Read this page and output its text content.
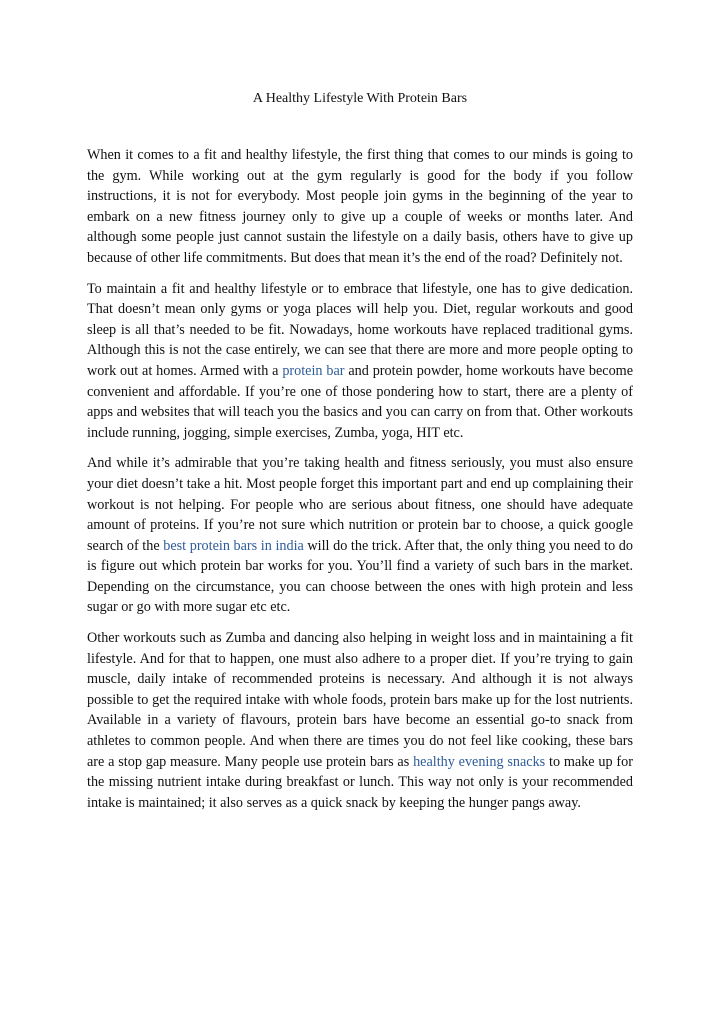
A Healthy Lifestyle With Protein Bars

When it comes to a fit and healthy lifestyle, the first thing that comes to our minds is going to the gym. While working out at the gym regularly is good for the body if you follow instructions, it is not for everybody. Most people join gyms in the beginning of the year to embark on a new fitness journey only to give up a couple of weeks or months later. And although some people just cannot sustain the lifestyle on a daily basis, others have to give up because of other life commitments. But does that mean it’s the end of the road? Definitely not.

To maintain a fit and healthy lifestyle or to embrace that lifestyle, one has to give dedication. That doesn’t mean only gyms or yoga places will help you. Diet, regular workouts and good sleep is all that’s needed to be fit. Nowadays, home workouts have replaced traditional gyms. Although this is not the case entirely, we can see that there are more and more people opting to work out at homes. Armed with a protein bar and protein powder, home workouts have become convenient and affordable. If you’re one of those pondering how to start, there are a plenty of apps and websites that will teach you the basics and you can carry on from that. Other workouts include running, jogging, simple exercises, Zumba, yoga, HIT etc.

And while it’s admirable that you’re taking health and fitness seriously, you must also ensure your diet doesn’t take a hit. Most people forget this important part and end up complaining their workout is not helping. For people who are serious about fitness, one should have adequate amount of proteins. If you’re not sure which nutrition or protein bar to choose, a quick google search of the best protein bars in india will do the trick. After that, the only thing you need to do is figure out which protein bar works for you. You’ll find a variety of such bars in the market. Depending on the circumstance, you can choose between the ones with high protein and less sugar or go with more sugar etc etc.

Other workouts such as Zumba and dancing also helping in weight loss and in maintaining a fit lifestyle. And for that to happen, one must also adhere to a proper diet. If you’re trying to gain muscle, daily intake of recommended proteins is necessary. And although it is not always possible to get the required intake with whole foods, protein bars make up for the lost nutrients. Available in a variety of flavours, protein bars have become an essential go-to snack from athletes to common people. And when there are times you do not feel like cooking, these bars are a stop gap measure. Many people use protein bars as healthy evening snacks to make up for the missing nutrient intake during breakfast or lunch. This way not only is your recommended intake is maintained; it also serves as a quick snack by keeping the hunger pangs away.
